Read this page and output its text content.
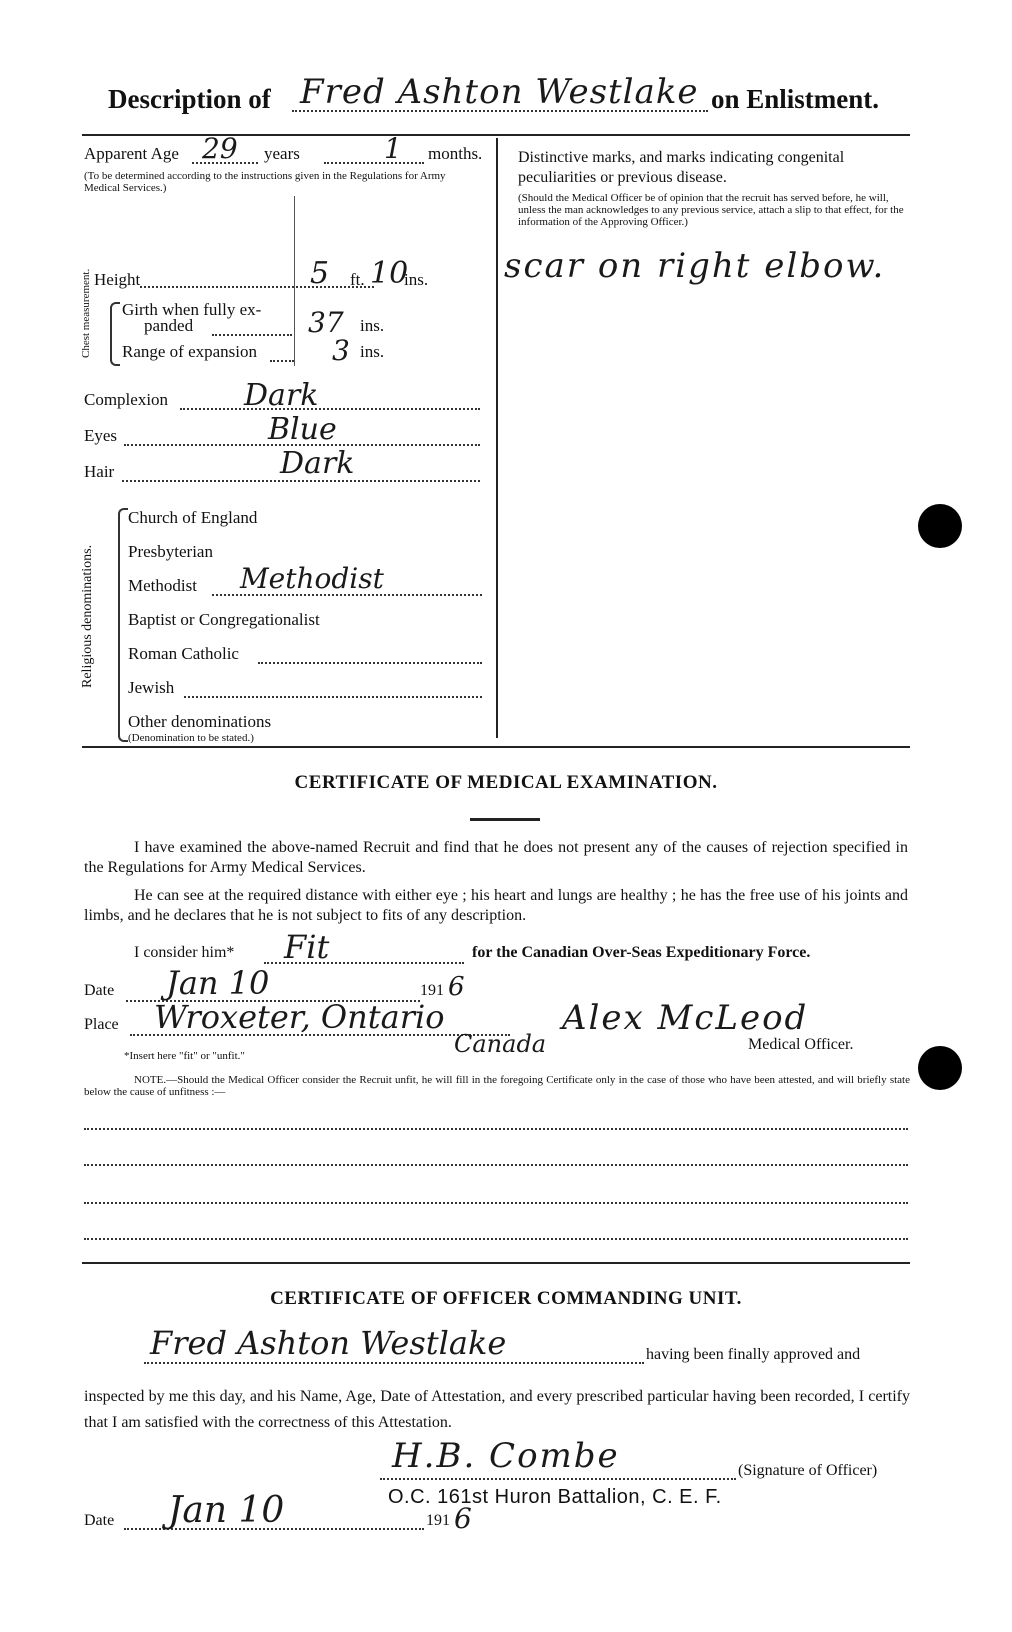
Description of Fred Ashton Westlake on Enlistment.
Apparent Age 29 years	1 months.
(To be determined according to the instructions given in the Regulations for Army Medical Services.)
Height	5 ft. 10
ins.
Chest measurement. Girth when fully ex-
panded	37 ins.
Range of expansion	3 ins.
Complexion	Dark
Eyes	Blue
Hair	Dark
Religious denominations.
Church of England
Presbyterian
Methodist Methodist
Baptist or Congregationalist
Roman Catholic
Jewish
Other denominations
(Denomination to be stated.)
Distinctive marks, and marks indicating congenital peculiarities or previous disease.
(Should the Medical Officer be of opinion that the recruit has served before, he will, unless the man acknowledges to any previous service, attach a slip to that effect, for the information of the Approving Officer.)
scar on right elbow.
CERTIFICATE OF MEDICAL EXAMINATION.
I have examined the above-named Recruit and find that he does not present any of the causes of rejection specified in the Regulations for Army Medical Services.
He can see at the required distance with either eye ; his heart and lungs are healthy ; he has the free use of his joints and limbs, and he declares that he is not subject to fits of any description.
I consider him* Fit	for the Canadian Over-Seas Expeditionary Force.
Date Jan 10	191 6
Place Wroxeter, Ontario
Canada
Alex McLeod
Medical Officer.
*Insert here "fit" or "unfit."
NOTE.—Should the Medical Officer consider the Recruit unfit, he will fill in the foregoing Certificate only in the case of those who have been attested, and will briefly state below the cause of unfitness :—
CERTIFICATE OF OFFICER COMMANDING UNIT.
Fred Ashton Westlake	having been finally approved and
inspected by me this day, and his Name, Age, Date of Attestation, and every prescribed particular having been recorded, I certify that I am satisfied with the correctness of this Attestation.
H.B. Combe	(Signature of Officer)
O.C. 161st Huron Battalion, C. E. F.
Date Jan 10	191 6
